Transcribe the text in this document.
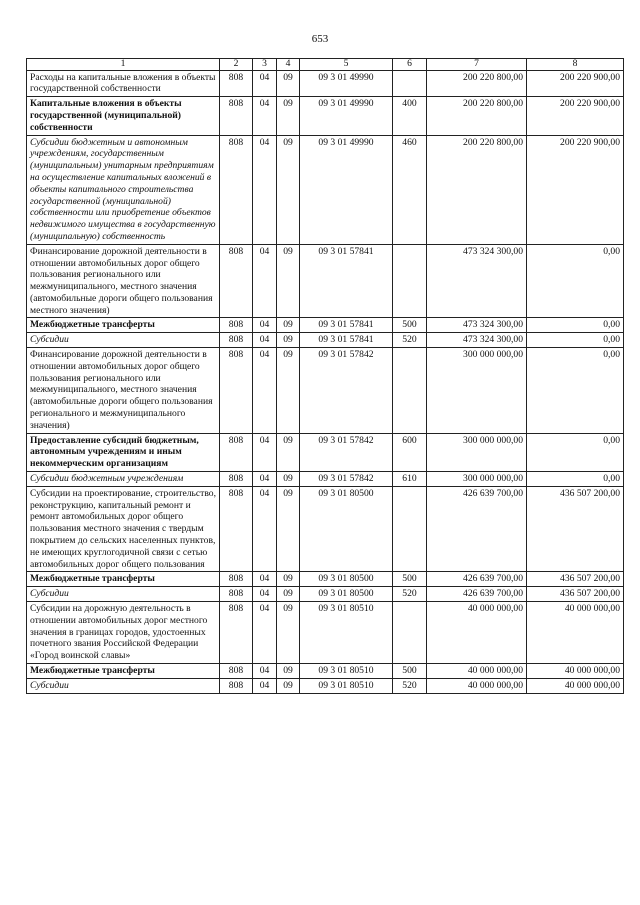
653
1	2	3	4	5	6	7	8
Расходы на капитальные вложения в объекты государственной собственности	808	04	09	09 3 01 49990		200 220 800,00	200 220 900,00
Капитальные вложения в объекты государственной (муниципальной) собственности	808	04	09	09 3 01 49990	400	200 220 800,00	200 220 900,00
Субсидии бюджетным и автономным учреждениям, государственным (муниципальным) унитарным предприятиям на осуществление капитальных вложений в объекты капитального строительства государственной (муниципальной) собственности или приобретение объектов недвижимого имущества в государственную (муниципальную) собственность	808	04	09	09 3 01 49990	460	200 220 800,00	200 220 900,00
Финансирование дорожной деятельности в отношении автомобильных дорог общего пользования регионального или межмуниципального, местного значения (автомобильные дороги общего пользования местного значения)	808	04	09	09 3 01 57841		473 324 300,00	0,00
Межбюджетные трансферты	808	04	09	09 3 01 57841	500	473 324 300,00	0,00
Субсидии	808	04	09	09 3 01 57841	520	473 324 300,00	0,00
Финансирование дорожной деятельности в отношении автомобильных дорог общего пользования регионального или межмуниципального, местного значения (автомобильные дороги общего пользования регионального и межмуниципального значения)	808	04	09	09 3 01 57842		300 000 000,00	0,00
Предоставление субсидий бюджетным, автономным учреждениям и иным некоммерческим организациям	808	04	09	09 3 01 57842	600	300 000 000,00	0,00
Субсидии бюджетным учреждениям	808	04	09	09 3 01 57842	610	300 000 000,00	0,00
Субсидии на проектирование, строительство, реконструкцию, капитальный ремонт и ремонт автомобильных дорог общего пользования местного значения с твердым покрытием до сельских населенных пунктов, не имеющих круглогодичной связи с сетью автомобильных дорог общего пользования	808	04	09	09 3 01 80500		426 639 700,00	436 507 200,00
Межбюджетные трансферты	808	04	09	09 3 01 80500	500	426 639 700,00	436 507 200,00
Субсидии	808	04	09	09 3 01 80500	520	426 639 700,00	436 507 200,00
Субсидии на дорожную деятельность в отношении автомобильных дорог местного значения в границах городов, удостоенных почетного звания Российской Федерации «Город воинской славы»	808	04	09	09 3 01 80510		40 000 000,00	40 000 000,00
Межбюджетные трансферты	808	04	09	09 3 01 80510	500	40 000 000,00	40 000 000,00
Субсидии	808	04	09	09 3 01 80510	520	40 000 000,00	40 000 000,00
